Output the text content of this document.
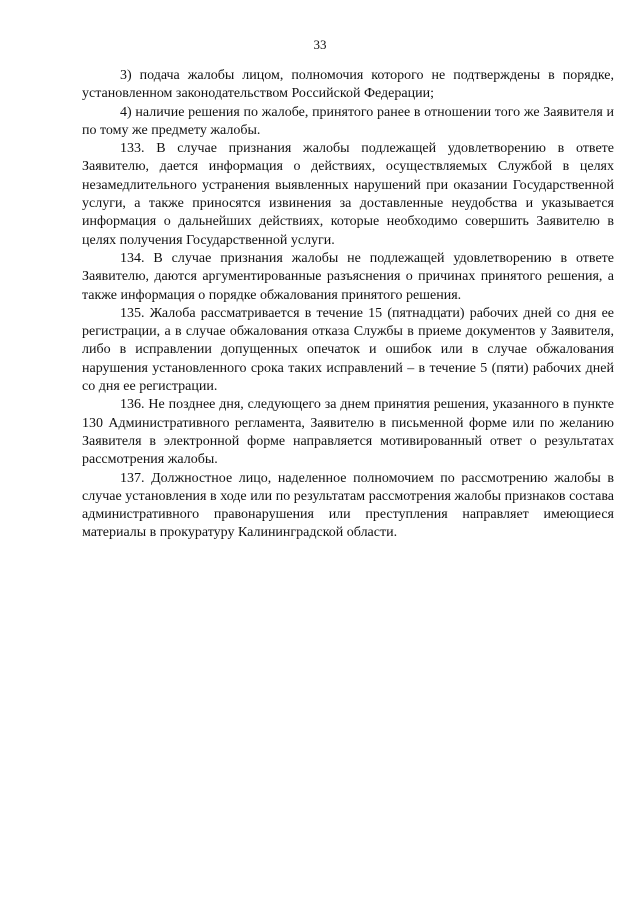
33

3) подача жалобы лицом, полномочия которого не подтверждены в порядке, установленном законодательством Российской Федерации;

4) наличие решения по жалобе, принятого ранее в отношении того же Заявителя и по тому же предмету жалобы.

133. В случае признания жалобы подлежащей удовлетворению в ответе Заявителю, дается информация о действиях, осуществляемых Службой в целях незамедлительного устранения выявленных нарушений при оказании Государственной услуги, а также приносятся извинения за доставленные неудобства и указывается информация о дальнейших действиях, которые необходимо совершить Заявителю в целях получения Государственной услуги.

134. В случае признания жалобы не подлежащей удовлетворению в ответе Заявителю, даются аргументированные разъяснения о причинах принятого решения, а также информация о порядке обжалования принятого решения.

135. Жалоба рассматривается в течение 15 (пятнадцати) рабочих дней со дня ее регистрации, а в случае обжалования отказа Службы в приеме документов у Заявителя, либо в исправлении допущенных опечаток и ошибок или в случае обжалования нарушения установленного срока таких исправлений – в течение 5 (пяти) рабочих дней со дня ее регистрации.

136. Не позднее дня, следующего за днем принятия решения, указанного в пункте 130 Административного регламента, Заявителю в письменной форме или по желанию Заявителя в электронной форме направляется мотивированный ответ о результатах рассмотрения жалобы.

137. Должностное лицо, наделенное полномочием по рассмотрению жалобы в случае установления в ходе или по результатам рассмотрения жалобы признаков состава административного правонарушения или преступления направляет имеющиеся материалы в прокуратуру Калининградской области.
